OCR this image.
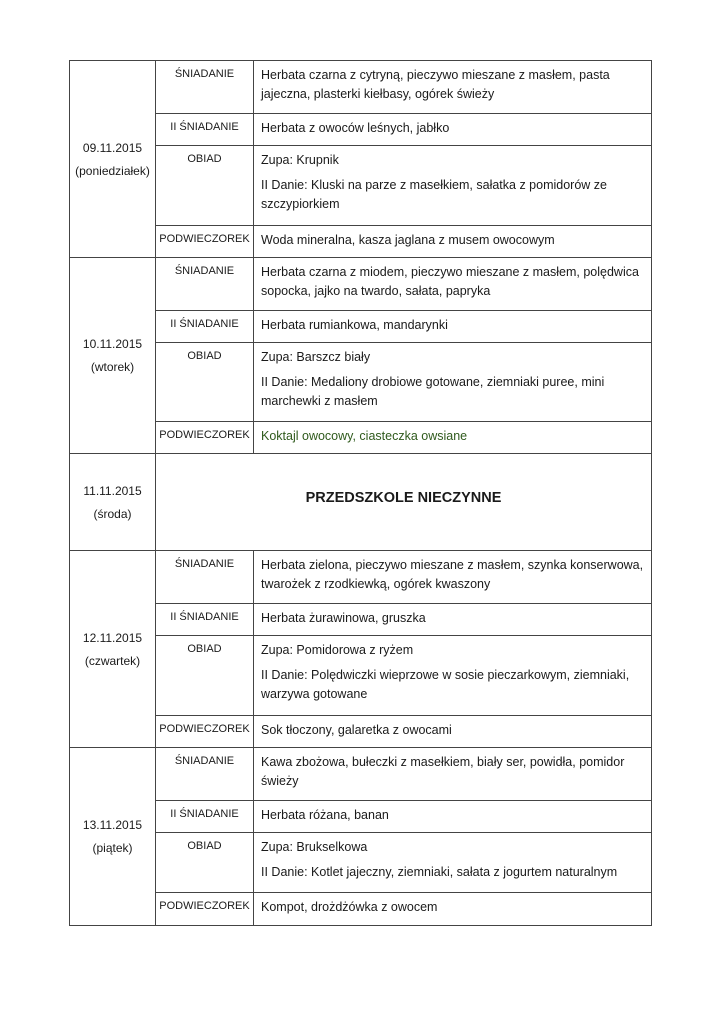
09.11.2015
(poniedziałek)	ŚNIADANIE	Herbata czarna z cytryną, pieczywo mieszane z masłem, pasta jajeczna, plasterki kiełbasy, ogórek świeży
	II ŚNIADANIE	Herbata z owoców leśnych, jabłko
	OBIAD	Zupa: Krupnik

II Danie: Kluski na parze z masełkiem, sałatka z pomidorów ze szczypiorkiem

	PODWIECZOREK	Woda mineralna, kasza jaglana z musem owocowym

10.11.2015
(wtorek)	ŚNIADANIE	Herbata czarna z miodem, pieczywo mieszane z masłem, polędwica sopocka, jajko na twardo, sałata, papryka
	II ŚNIADANIE	Herbata rumiankowa, mandarynki
	OBIAD	Zupa: Barszcz biały

II Danie: Medaliony drobiowe gotowane, ziemniaki puree, mini marchewki z masłem

	PODWIECZOREK	Koktajl owocowy, ciasteczka owsiane

11.11.2015
(środa)	PRZEDSZKOLE NIECZYNNE	

12.11.2015
(czwartek)	ŚNIADANIE	Herbata zielona, pieczywo mieszane z masłem, szynka konserwowa, twarożek z rzodkiewką, ogórek kwaszony
	II ŚNIADANIE	Herbata żurawinowa, gruszka
	OBIAD	Zupa: Pomidorowa z ryżem

II Danie: Polędwiczki wieprzowe w sosie pieczarkowym, ziemniaki, warzywa gotowane

	PODWIECZOREK	Sok tłoczony, galaretka z owocami

13.11.2015
(piątek)	ŚNIADANIE	Kawa zbożowa, bułeczki z masełkiem, biały ser, powidła, pomidor świeży
	II ŚNIADANIE	Herbata różana, banan
	OBIAD	Zupa: Brukselkowa

II Danie: Kotlet jajeczny, ziemniaki, sałata z jogurtem naturalnym

	PODWIECZOREK	Kompot, drożdżówka z owocem
